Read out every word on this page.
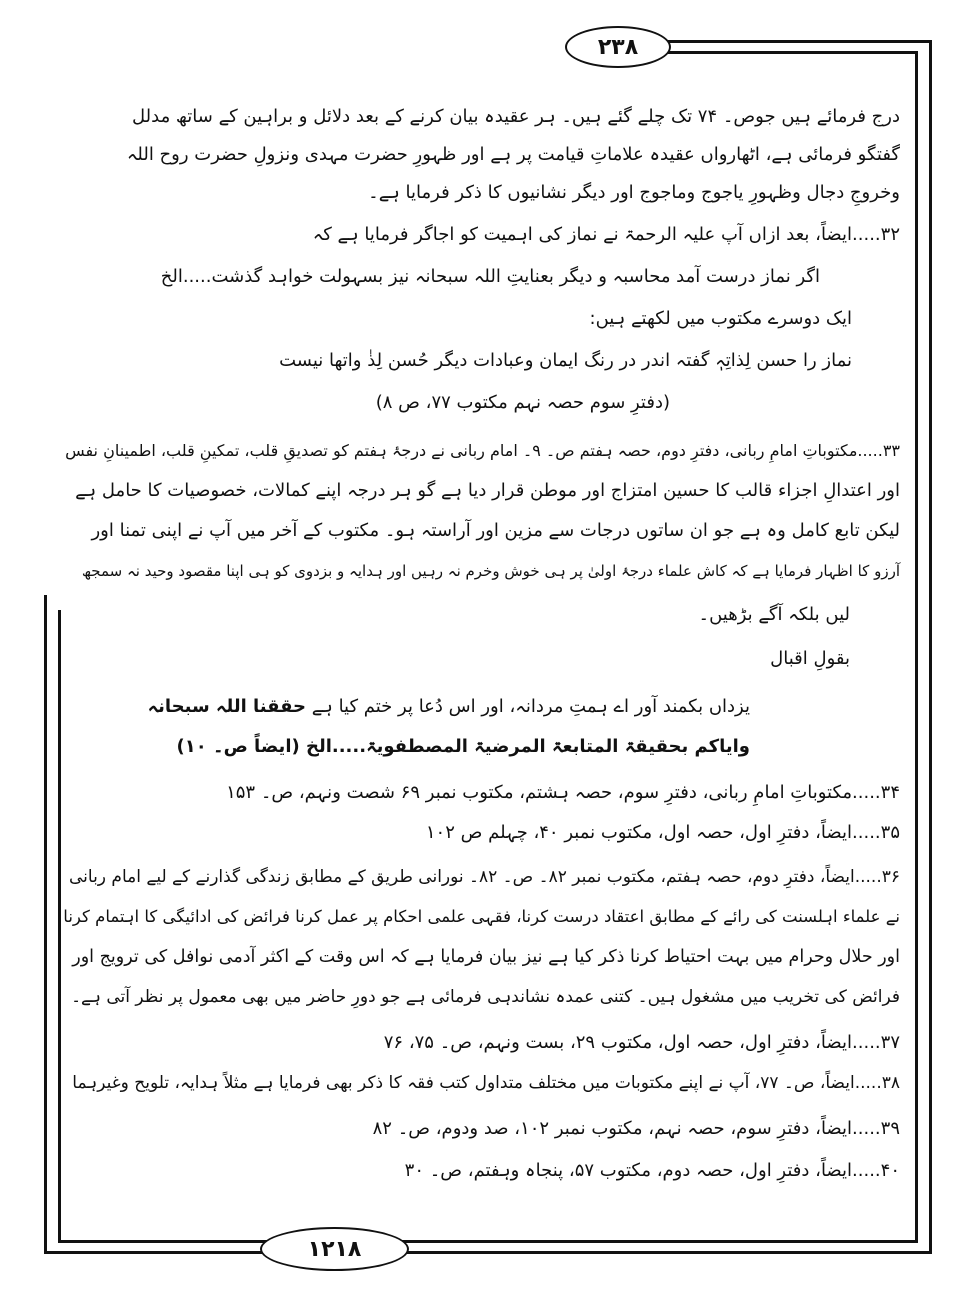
۲۳۸
۱۲۱۸
درج فرمائے ہیں جوص۔ ۷۴ تک چلے گئے ہیں۔ ہر عقیدہ بیان کرنے کے بعد دلائل و براہین کے ساتھ مدلل
گفتگو فرمائی ہے، اٹھارواں عقیدہ علاماتِ قیامت پر ہے اور ظہورِ حضرت مہدی ونزولِ حضرت روح اللہ
وخروجِ دجال وظہورِ یاجوج وماجوج اور دیگر نشانیوں کا ذکر فرمایا ہے۔
۳۲.....ایضاً، بعد ازاں آپ علیہ الرحمۃ نے نماز کی اہمیت کو اجاگر فرمایا ہے کہ
اگر نماز درست آمد محاسبہ و دیگر بعنایتِ اللہ سبحانہ نیز بسہولت خواہد گذشت.....الخ
ایک دوسرے مکتوب میں لکھتے ہیں:
نماز را حسن لِذاتِہٖ گفتہ اندر در رنگ ایمان وعبادات دیگر حُسن لِذٰ واتھا نیست
(دفترِ سوم حصہ نہم مکتوب ۷۷، ص ۸)
۳۳.....مکتوباتِ امامِ ربانی، دفترِ دوم، حصہ ہفتم ص۔ ۹۔ امام ربانی نے درجۂ ہفتم کو تصدیقِ قلب، تمکینِ قلب، اطمینانِ نفس
اور اعتدالِ اجزاء قالب کا حسین امتزاج اور موطن قرار دیا ہے گو ہر درجہ اپنے کمالات، خصوصیات کا حامل ہے
لیکن تابع کامل وہ ہے جو ان ساتوں درجات سے مزین اور آراستہ ہو۔ مکتوب کے آخر میں آپ نے اپنی تمنا اور
آرزو کا اظہار فرمایا ہے کہ کاش علماء درجۂ اولیٰ پر ہی خوش وخرم نہ رہیں اور ہدایہ و بزدوی کو ہی اپنا مقصود وحید نہ سمجھ
لیں بلکہ آگے بڑھیں۔
بقولِ اقبال
یزداں بکمند آور اے ہمتِ مردانہ، اور اس دُعا پر ختم کیا ہے حققنا اللہ سبحانہ
وایاکم بحقیقۃ المتابعۃ المرضیۃ المصطفویۃ.....الخ (ایضاً ص۔ ۱۰)
۳۴.....مکتوباتِ امامِ ربانی، دفترِ سوم، حصہ ہشتم، مکتوب نمبر ۶۹ شصت ونہم، ص۔ ۱۵۳
۳۵.....ایضاً، دفترِ اول، حصہ اول، مکتوب نمبر ۴۰، چہلم ص ۱۰۲
۳۶.....ایضاً، دفترِ دوم، حصہ ہفتم، مکتوب نمبر ۸۲۔ ص۔ ۸۲۔ نورانی طریق کے مطابق زندگی گذارنے کے لیے امام ربانی
نے علماء اہلسنت کی رائے کے مطابق اعتقاد درست کرنا، فقہی علمی احکام پر عمل کرنا فرائض کی ادائیگی کا اہتمام کرنا
اور حلال وحرام میں بہت احتیاط کرنا ذکر کیا ہے نیز بیان فرمایا ہے کہ اس وقت کے اکثر آدمی نوافل کی ترویج اور
فرائض کی تخریب میں مشغول ہیں۔ کتنی عمدہ نشاندہی فرمائی ہے جو دورِ حاضر میں بھی معمول پر نظر آتی ہے۔
۳۷.....ایضاً، دفترِ اول، حصہ اول، مکتوب ۲۹، بست ونہم، ص۔ ۷۵، ۷۶
۳۸.....ایضاً، ص۔ ۷۷، آپ نے اپنے مکتوبات میں مختلف متداول کتب فقہ کا ذکر بھی فرمایا ہے مثلاً ہدایہ، تلویح وغیرہما
۳۹.....ایضاً، دفترِ سوم، حصہ نہم، مکتوب نمبر ۱۰۲، صد ودوم، ص۔ ۸۲
۴۰.....ایضاً، دفترِ اول، حصہ دوم، مکتوب ۵۷، پنجاہ وہفتم، ص۔ ۳۰
